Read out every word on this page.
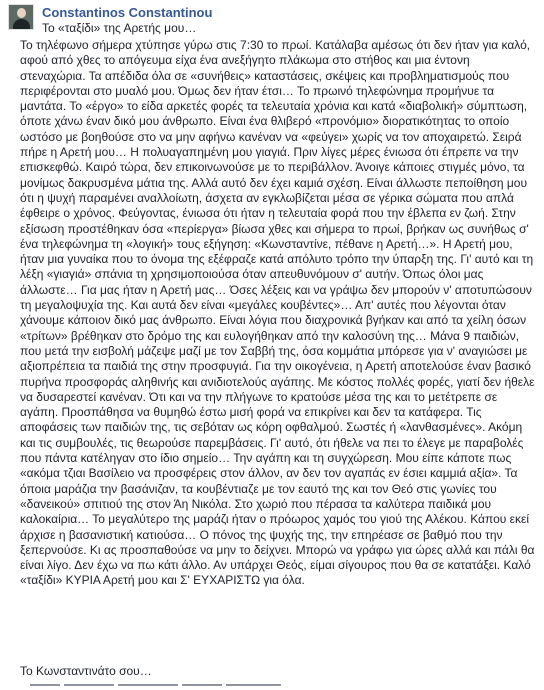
Constantinos Constantinou
Το «ταξίδι» της Αρετής μου…

Το τηλέφωνο σήμερα χτύπησε γύρω στις 7:30 το πρωί. Κατάλαβα αμέσως ότι δεν ήταν για καλό, αφού από χθες το απόγευμα είχα ένα ανεξήγητο πλάκωμα στο στήθος και μια έντονη στεναχώρια. Τα απέδιδα όλα σε «συνήθεις» καταστάσεις, σκέψεις και προβληματισμούς που περιφέρονται στο μυαλό μου. Όμως δεν ήταν έτσι… Το πρωινό τηλεφώνημα προμήνυε τα μαντάτα. Το «έργο» το είδα αρκετές φορές τα τελευταία χρόνια και κατά «διαβολική» σύμπτωση, όποτε χάνω έναν δικό μου άνθρωπο. Είναι ένα θλιβερό «προνόμιο» διορατικότητας το οποίο ωστόσο με βοηθούσε στο να μην αφήνω κανέναν να «φεύγει» χωρίς να τον αποχαιρετώ. Σειρά πήρε η Αρετή μου… Η πολυαγαπημένη μου γιαγιά. Πριν λίγες μέρες ένιωσα ότι έπρεπε να την επισκεφθώ. Καιρό τώρα, δεν επικοινωνούσε με το περιβάλλον. Άνοιγε κάποιες στιγμές μόνο, τα μονίμως δακρυσμένα μάτια της. Αλλά αυτό δεν έχει καμιά σχέση. Είναι άλλωστε πεποίθηση μου ότι η ψυχή παραμένει αναλλοίωτη, άσχετα αν εγκλωβίζεται μέσα σε γέρικα σώματα που απλά έφθειρε ο χρόνος. Φεύγοντας, ένιωσα ότι ήταν η τελευταία φορά που την έβλεπα εν ζωή. Στην εξίσωση προστέθηκαν όσα «περίεργα» βίωσα χθες και σήμερα το πρωί, βρήκαν ως συνήθως σ' ένα τηλεφώνημα τη «λογική» τους εξήγηση: «Κωνσταντίνε, πέθανε η Αρετή…». Η Αρετή μου, ήταν μια γυναίκα που το όνομα της εξέφραζε κατά απόλυτο τρόπο την ύπαρξη της. Γι' αυτό και τη λέξη «γιαγιά» σπάνια τη χρησιμοποιούσα όταν απευθυνόμουν σ' αυτήν. Όπως όλοι μας άλλωστε… Για μας ήταν η Αρετή μας… Όσες λέξεις και να γράψω δεν μπορούν ν' αποτυπώσουν τη μεγαλοψυχία της. Και αυτά δεν είναι «μεγάλες κουβέντες»… Απ' αυτές που λέγονται όταν χάνουμε κάποιον δικό μας άνθρωπο. Είναι λόγια που διαχρονικά βγήκαν και από τα χείλη όσων «τρίτων» βρέθηκαν στο δρόμο της και ευλογήθηκαν από την καλοσύνη της… Μάνα 9 παιδιών, που μετά την εισβολή μάζεψε μαζί με τον Σαββή της, όσα κομμάτια μπόρεσε για ν' αναγιώσει με αξιοπρέπεια τα παιδιά της στην προσφυγιά. Για την οικογένεια, η Αρετή αποτελούσε έναν βασικό πυρήνα προσφοράς αληθινής και ανιδιοτελούς αγάπης. Με κόστος πολλές φορές, γιατί δεν ήθελε να δυσαρεστεί κανέναν. Ότι και να την πλήγωνε το κρατούσε μέσα της και το μετέτρεπε σε αγάπη. Προσπάθησα να θυμηθώ έστω μισή φορά να επικρίνει και δεν τα κατάφερα. Τις αποφάσεις των παιδιών της, τις σεβόταν ως κόρη οφθαλμού. Σωστές ή «λανθασμένες». Ακόμη και τις συμβουλές, τις θεωρούσε παρεμβάσεις. Γι' αυτό, ότι ήθελε να πει το έλεγε με παραβολές που πάντα κατέληγαν στο ίδιο σημείο… Την αγάπη και τη συγχώρεση. Μου είπε κάποτε πως «ακόμα τζιαι Βασίλειο να προσφέρεις στον άλλον, αν δεν τον αγαπάς εν έσιει καμμιά αξία». Τα όποια μαράζια την βασάνιζαν, τα κουβέντιαζε με τον εαυτό της και τον Θεό στις γωνίες του «δανεικού» σπιτιού της στον Άη Νικόλα. Στο χωριό που πέρασα τα καλύτερα παιδικά μου καλοκαίρια… Το μεγαλύτερο της μαράζι ήταν ο πρόωρος χαμός του γιού της Αλέκου. Κάπου εκεί άρχισε η βασανιστική κατιούσα… Ο πόνος της ψυχής της, την επηρέασε σε βαθμό που την ξεπερνούσε. Κι ας προσπαθούσε να μην το δείχνει. Μπορώ να γράφω για ώρες αλλά και πάλι θα είναι λίγο. Δεν έχω να πω κάτι άλλο. Αν υπάρχει Θεός, είμαι σίγουρος που θα σε κατατάξει. Καλό «ταξίδι» ΚΥΡΙΑ Αρετή μου και Σ' ΕΥΧΑΡΙΣΤΩ για όλα.

Το Κωνσταντινάτο σου…
